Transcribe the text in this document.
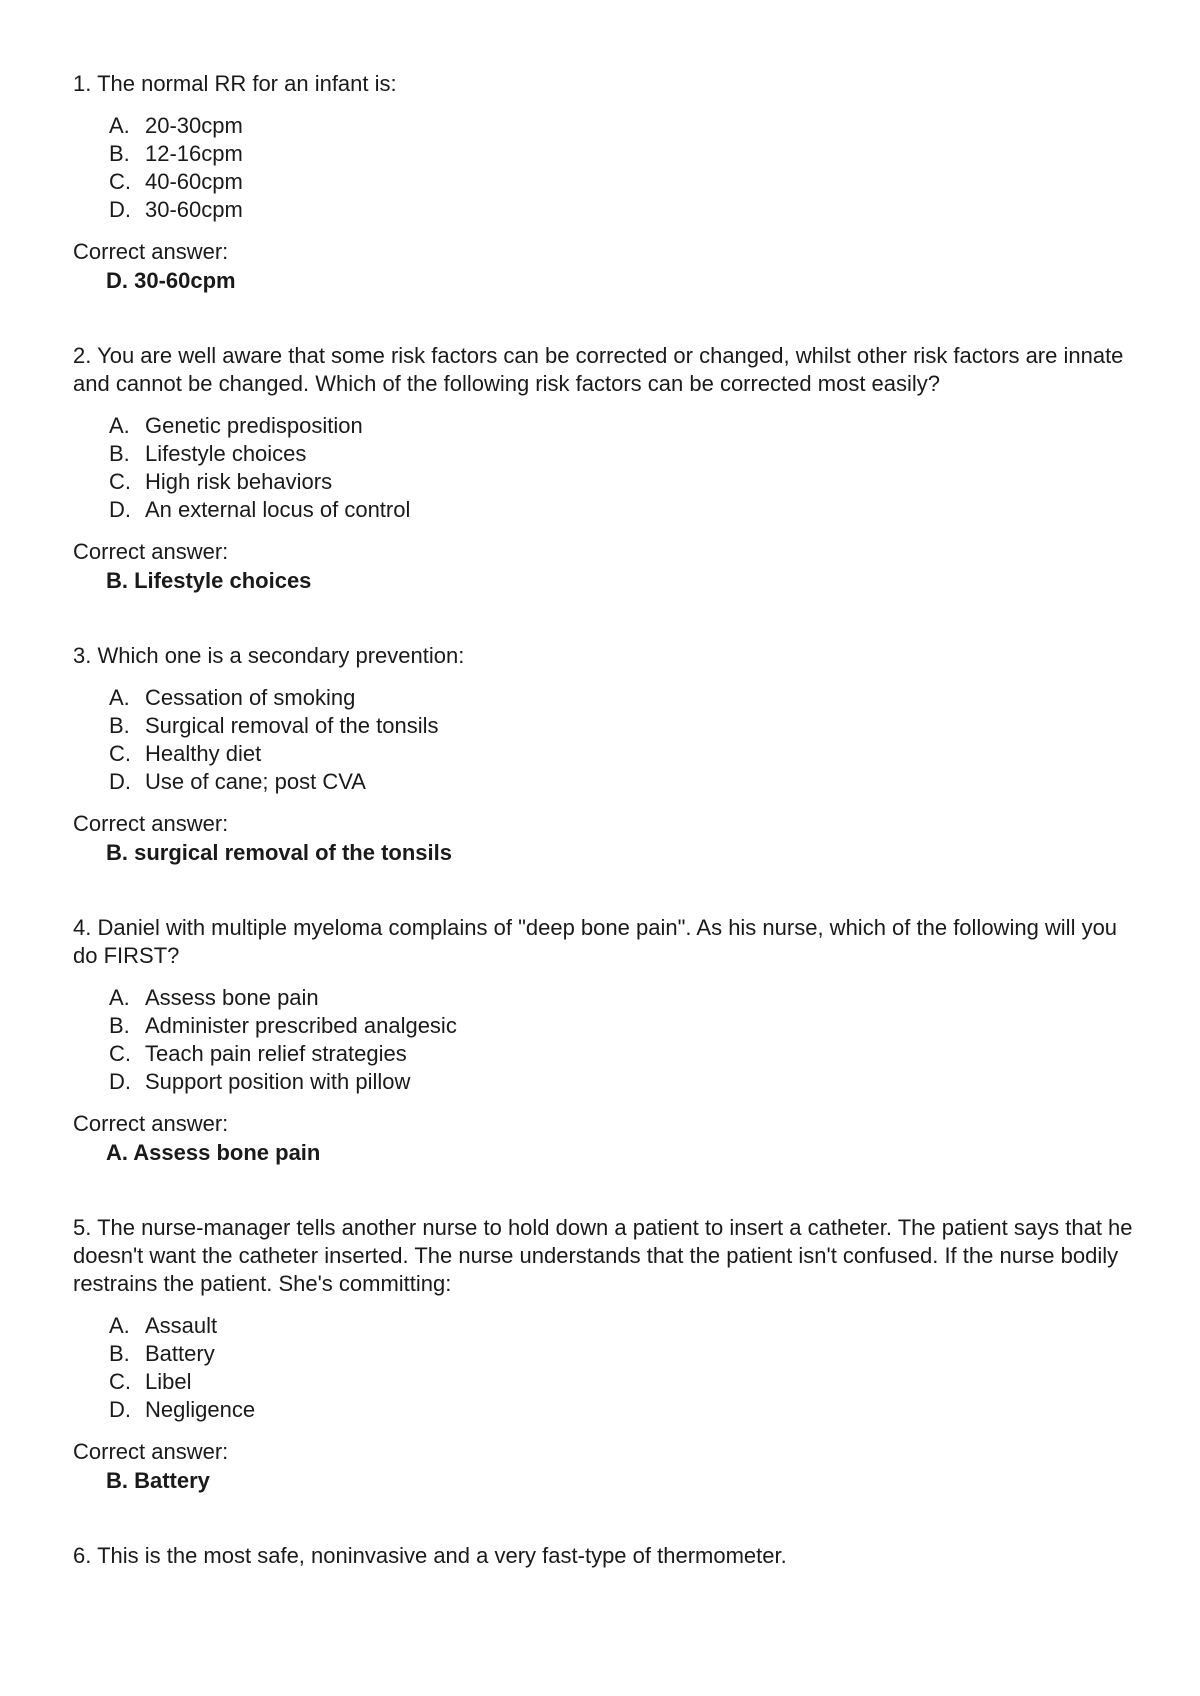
1. The normal RR for an infant is:

A. 20-30cpm
B. 12-16cpm
C. 40-60cpm
D. 30-60cpm

Correct answer:

D. 30-60cpm

2. You are well aware that some risk factors can be corrected or changed, whilst other risk factors are innate and cannot be changed. Which of the following risk factors can be corrected most easily?

A. Genetic predisposition
B. Lifestyle choices
C. High risk behaviors
D. An external locus of control

Correct answer:

B. Lifestyle choices

3. Which one is a secondary prevention:

A. Cessation of smoking
B. Surgical removal of the tonsils
C. Healthy diet
D. Use of cane; post CVA

Correct answer:

B. surgical removal of the tonsils

4. Daniel with multiple myeloma complains of "deep bone pain". As his nurse, which of the following will you do FIRST?

A. Assess bone pain
B. Administer prescribed analgesic
C. Teach pain relief strategies
D. Support position with pillow

Correct answer:

A. Assess bone pain

5. The nurse-manager tells another nurse to hold down a patient to insert a catheter. The patient says that he doesn't want the catheter inserted. The nurse understands that the patient isn't confused. If the nurse bodily restrains the patient. She's committing:

A. Assault
B. Battery
C. Libel
D. Negligence

Correct answer:

B. Battery

6. This is the most safe, noninvasive and a very fast-type of thermometer.
